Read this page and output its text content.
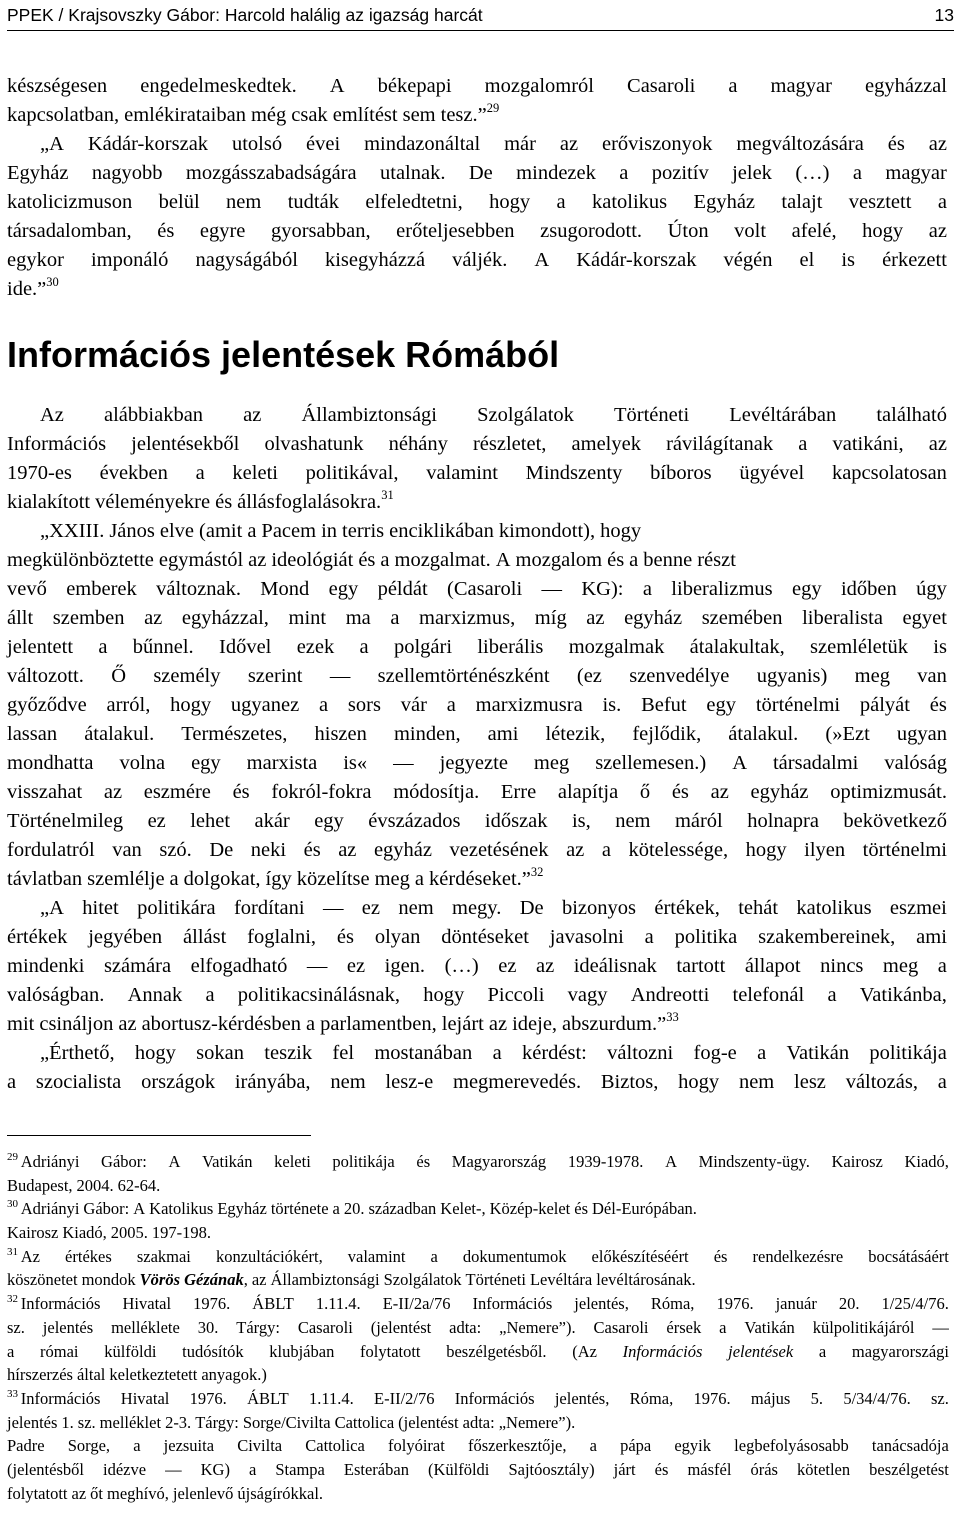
PPEK / Krajsovszky Gábor: Harcold halálig az igazság harcát	13
készségesen engedelmeskedtek. A békepapi mozgalomról Casaroli a magyar egyházzal
kapcsolatban, emlékirataiban még csak említést sem tesz.”$^{29}$
„A Kádár-korszak utolsó évei mindazonáltal már az erőviszonyok megváltozására és az
Egyház nagyobb mozgásszabadságára utalnak. De mindezek a pozitív jelek (…) a magyar
katolicizmuson belül nem tudták elfeledtetni, hogy a katolikus Egyház talajt vesztett a
társadalomban, és egyre gyorsabban, erőteljesebben zsugorodott. Úton volt afelé, hogy az
egykor imponáló nagyságából kisegyházzá váljék. A Kádár-korszak végén el is érkezett
ide.”$^{30}$
Információs jelentések Rómából
Az alábbiakban az Állambiztonsági Szolgálatok Történeti Levéltárában található
Információs jelentésekből olvashatunk néhány részletet, amelyek rávilágítanak a vatikáni, az
1970-es években a keleti politikával, valamint Mindszenty bíboros ügyével kapcsolatosan
kialakított véleményekre és állásfoglalásokra.$^{31}$
„XXIII. János elve (amit a Pacem in terris enciklikában kimondott), hogy
megkülönböztette egymástól az ideológiát és a mozgalmat. A mozgalom és a benne részt
vevő emberek változnak. Mond egy példát (Casaroli — KG): a liberalizmus egy időben úgy
állt szemben az egyházzal, mint ma a marxizmus, míg az egyház szemében liberalista egyet
jelentett a bűnnel. Idővel ezek a polgári liberális mozgalmak átalakultak, szemléletük is
változott. Ő személy szerint — szellemtörténészként (ez szenvedélye ugyanis) meg van
győződve arról, hogy ugyanez a sors vár a marxizmusra is. Befut egy történelmi pályát és
lassan átalakul. Természetes, hiszen minden, ami létezik, fejlődik, átalakul. (»Ezt ugyan
mondhatta volna egy marxista is« — jegyezte meg szellemesen.) A társadalmi valóság
visszahat az eszmére és fokról-fokra módosítja. Erre alapítja ő és az egyház optimizmusát.
Történelmileg ez lehet akár egy évszázados időszak is, nem máról holnapra bekövetkező
fordulatról van szó. De neki és az egyház vezetésének az a kötelessége, hogy ilyen történelmi
távlatban szemlélje a dolgokat, így közelítse meg a kérdéseket.”$^{32}$
„A hitet politikára fordítani — ez nem megy. De bizonyos értékek, tehát katolikus eszmei
értékek jegyében állást foglalni, és olyan döntéseket javasolni a politika szakembereinek, ami
mindenki számára elfogadható — ez igen. (…) ez az ideálisnak tartott állapot nincs meg a
valóságban. Annak a politikacsinálásnak, hogy Piccoli vagy Andreotti telefonál a Vatikánba,
mit csináljon az abortusz-kérdésben a parlamentben, lejárt az ideje, abszurdum.”$^{33}$
„Érthető, hogy sokan teszik fel mostanában a kérdést: változni fog-e a Vatikán politikája
a szocialista országok irányába, nem lesz-e megmerevedés. Biztos, hogy nem lesz változás, a
$^{29}$ Adriányi Gábor: A Vatikán keleti politikája és Magyarország 1939-1978. A Mindszenty-ügy. Kairosz Kiadó,
Budapest, 2004. 62-64.
$^{30}$ Adriányi Gábor: A Katolikus Egyház története a 20. században Kelet-, Közép-kelet és Dél-Európában.
Kairosz Kiadó, 2005. 197-198.
$^{31}$ Az értékes szakmai konzultációkért, valamint a dokumentumok előkészítéséért és rendelkezésre bocsátásáért
köszönetet mondok Vörös Gézának, az Állambiztonsági Szolgálatok Történeti Levéltára levéltárosának.
$^{32}$ Információs Hivatal 1976. ÁBLT 1.11.4. E-II/2a/76 Információs jelentés, Róma, 1976. január 20. 1/25/4/76.
sz. jelentés melléklete 30. Tárgy: Casaroli (jelentést adta: „Nemere”). Casaroli érsek a Vatikán külpolitikájáról —
a római külföldi tudósítók klubjában folytatott beszélgetésből. (Az Információs jelentések a magyarországi
hírszerzés által keletkeztetett anyagok.)
$^{33}$ Információs Hivatal 1976. ÁBLT 1.11.4. E-II/2/76 Információs jelentés, Róma, 1976. május 5. 5/34/4/76. sz.
jelentés 1. sz. melléklet 2-3. Tárgy: Sorge/Civilta Cattolica (jelentést adta: „Nemere”).
Padre Sorge, a jezsuita Civilta Cattolica folyóirat főszerkesztője, a pápa egyik legbefolyásosabb tanácsadója
(jelentésből idézve — KG) a Stampa Esterában (Külföldi Sajtóosztály) járt és másfél órás kötetlen beszélgetést
folytatott az őt meghívó, jelenlevő újságírókkal.
